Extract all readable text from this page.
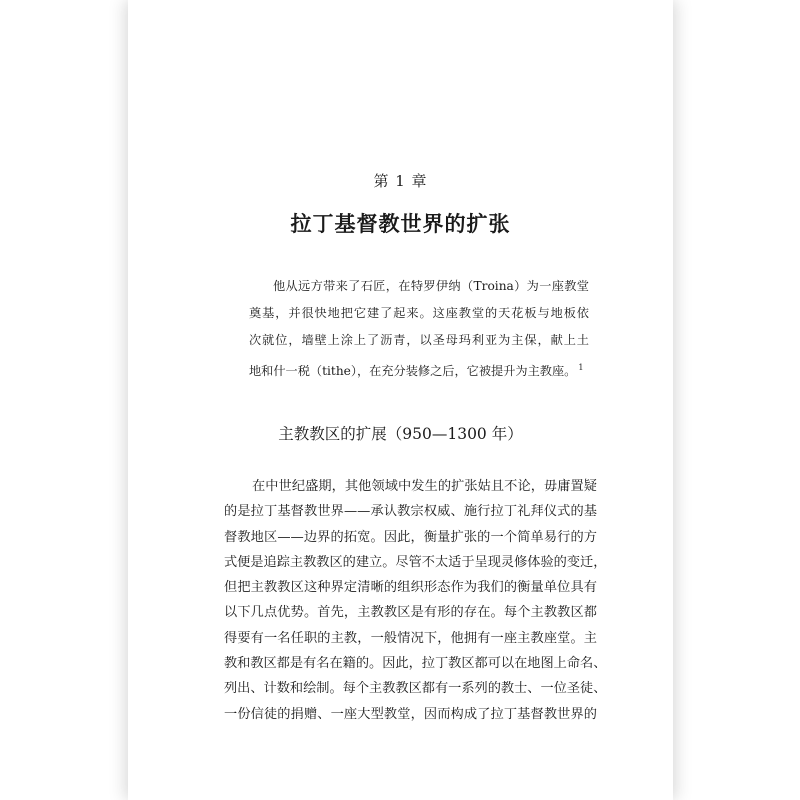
第 1 章
拉丁基督教世界的扩张
他从远方带来了石匠，在特罗伊纳（Troina）为一座教堂
奠基，并很快地把它建了起来。这座教堂的天花板与地板依
次就位，墙壁上涂上了沥青，以圣母玛利亚为主保，献上土
地和什一税（tithe），在充分装修之后，它被提升为主教座。 $^1$
主教教区的扩展（950—1300 年）
在中世纪盛期，其他领域中发生的扩张姑且不论，毋庸置疑
的是拉丁基督教世界——承认教宗权威、施行拉丁礼拜仪式的基
督教地区——边界的拓宽。因此，衡量扩张的一个简单易行的方
式便是追踪主教教区的建立。尽管不太适于呈现灵修体验的变迁，
但把主教教区这种界定清晰的组织形态作为我们的衡量单位具有
以下几点优势。首先，主教教区是有形的存在。每个主教教区都
得要有一名任职的主教，一般情况下，他拥有一座主教座堂。主
教和教区都是有名在籍的。因此，拉丁教区都可以在地图上命名、
列出、计数和绘制。每个主教教区都有一系列的教士、一位圣徒、
一份信徒的捐赠、一座大型教堂，因而构成了拉丁基督教世界的
